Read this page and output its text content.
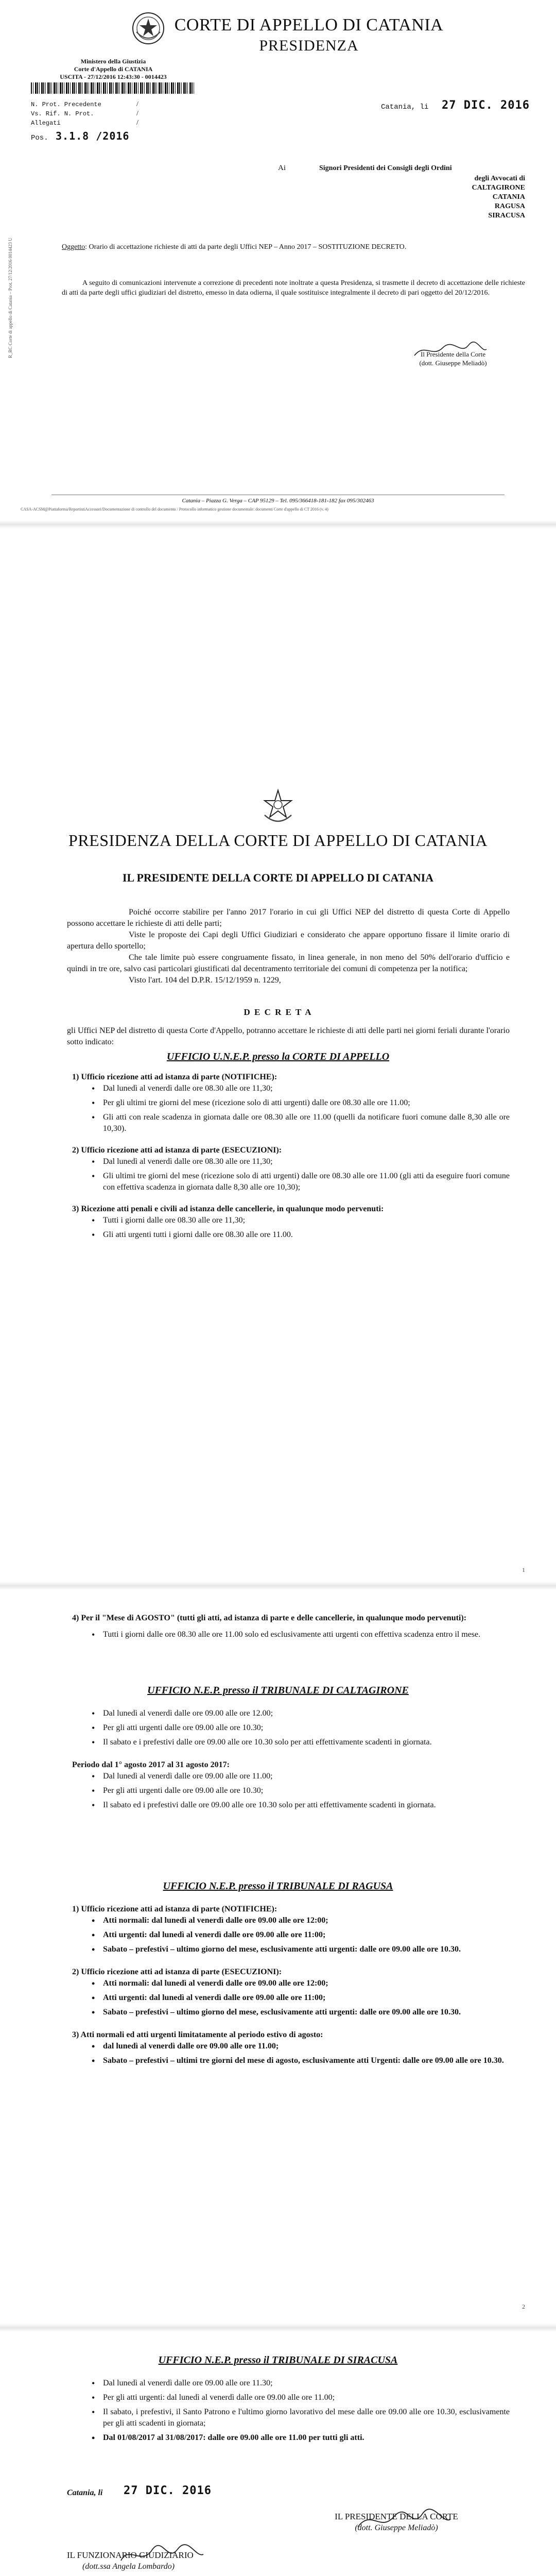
CORTE DI APPELLO DI CATANIA
PRESIDENZA
Ministero della Giustizia
Corte d'Appello di CATANIA
USCITA - 27/12/2016 12:43:30 - 0014423
N. Prot. Precedente
Vs. Rif. N. Prot.
Allegati
/
/
/
Pos. 3.1.8 /2016
Catania, li 27 DIC. 2016
Ai	Signori Presidenti dei Consigli degli Ordini
degli Avvocati di
CALTAGIRONE
CATANIA
RAGUSA
SIRACUSA
Oggetto: Orario di accettazione richieste di atti da parte degli Uffici NEP – Anno 2017 – SOSTITUZIONE DECRETO.
A seguito di comunicazioni intervenute a correzione di precedenti note inoltrate a questa Presidenza, si trasmette il decreto di accettazione delle richieste di atti da parte degli uffici giudiziari del distretto, emesso in data odierna, il quale sostituisce integralmente il decreto di pari oggetto del 20/12/2016.
Il Presidente della Corte
(dott. Giuseppe Meliadò)
R_RC Corte di appello di Catania – Prot. 27/12/2016 0014423 U
Catania – Piazza G. Verga – CAP 95129 – Tel. 095/366418-181-182 fax 095/302463
CASA-ACSM@Piattaforma/ReportistiAccessori/Documentazione di controllo del documento / Protocollo informatico gestione documentale: documenti Corte d'appello di CT 2016 (v. 4)
PRESIDENZA DELLA CORTE DI APPELLO DI CATANIA
IL PRESIDENTE DELLA CORTE DI APPELLO DI CATANIA

Poiché occorre stabilire per l'anno 2017 l'orario in cui gli Uffici NEP del distretto di questa Corte di Appello possono accettare le richieste di atti delle parti;

Viste le proposte dei Capi degli Uffici Giudiziari e considerato che appare opportuno fissare il limite orario di apertura dello sportello;

Che tale limite può essere congruamente fissato, in linea generale, in non meno del 50% dell'orario d'ufficio e quindi in tre ore, salvo casi particolari giustificati dal decentramento territoriale dei comuni di competenza per la notifica;

Visto l'art. 104 del D.P.R. 15/12/1959 n. 1229,

D E C R E T A
gli Uffici NEP del distretto di questa Corte d'Appello, potranno accettare le richieste di atti delle parti nei giorni feriali durante l'orario sotto indicato:
UFFICIO U.N.E.P. presso la CORTE DI APPELLO
1) Ufficio ricezione atti ad istanza di parte (NOTIFICHE):
• Dal lunedì al venerdì dalle ore 08.30 alle ore 11,30;
• Per gli ultimi tre giorni del mese (ricezione solo di atti urgenti) dalle ore 08.30 alle ore 11.00;
• Gli atti con reale scadenza in giornata dalle ore 08.30 alle ore 11.00 (quelli da notificare fuori comune dalle 8,30 alle ore 10,30).
2) Ufficio ricezione atti ad istanza di parte (ESECUZIONI):
• Dal lunedì al venerdì dalle ore 08.30 alle ore 11,30;
• Gli ultimi tre giorni del mese (ricezione solo di atti urgenti) dalle ore 08.30 alle ore 11.00 (gli atti da eseguire fuori comune con effettiva scadenza in giornata dalle 8,30 alle ore 10,30);
3) Ricezione atti penali e civili ad istanza delle cancellerie, in qualunque modo pervenuti:
• Tutti i giorni dalle ore 08.30 alle ore 11,30;
• Gli atti urgenti tutti i giorni dalle ore 08.30 alle ore 11.00.
1
4) Per il "Mese di AGOSTO" (tutti gli atti, ad istanza di parte e delle cancellerie, in qualunque modo pervenuti):
• Tutti i giorni dalle ore 08.30 alle ore 11.00 solo ed esclusivamente atti urgenti con effettiva scadenza entro il mese.
UFFICIO N.E.P. presso il TRIBUNALE DI CALTAGIRONE
• Dal lunedì al venerdì dalle ore 09.00 alle ore 12.00;
• Per gli atti urgenti dalle ore 09.00 alle ore 10.30;
• Il sabato e i prefestivi dalle ore 09.00 alle ore 10.30 solo per atti effettivamente scadenti in giornata.
Periodo dal 1° agosto 2017 al 31 agosto 2017:
• Dal lunedì al venerdì dalle ore 09.00 alle ore 11.00;
• Per gli atti urgenti dalle ore 09.00 alle ore 10.30;
• Il sabato ed i prefestivi dalle ore 09.00 alle ore 10.30 solo per atti effettivamente scadenti in giornata.
UFFICIO N.E.P. presso il TRIBUNALE DI RAGUSA
1) Ufficio ricezione atti ad istanza di parte (NOTIFICHE):
• Atti normali: dal lunedì al venerdì dalle ore 09.00 alle ore 12:00;
• Atti urgenti: dal lunedì al venerdì dalle ore 09.00 alle ore 11:00;
• Sabato – prefestivi – ultimo giorno del mese, esclusivamente atti urgenti: dalle ore 09.00 alle ore 10.30.
2) Ufficio ricezione atti ad istanza di parte (ESECUZIONI):
• Atti normali: dal lunedì al venerdì dalle ore 09.00 alle ore 12:00;
• Atti urgenti: dal lunedì al venerdì dalle ore 09.00 alle ore 11:00;
• Sabato – prefestivi – ultimo giorno del mese, esclusivamente atti urgenti: dalle ore 09.00 alle ore 10.30.
3) Atti normali ed atti urgenti limitatamente al periodo estivo di agosto:
• dal lunedì al venerdì dalle ore 09.00 alle ore 11.00;
• Sabato – prefestivi – ultimi tre giorni del mese di agosto, esclusivamente atti Urgenti: dalle ore 09.00 alle ore 10.30.
2
UFFICIO N.E.P. presso il TRIBUNALE DI SIRACUSA
• Dal lunedì al venerdì dalle ore 09.00 alle ore 11.30;
• Per gli atti urgenti: dal lunedì al venerdì dalle ore 09.00 alle ore 11.00;
• Il sabato, i prefestivi, il Santo Patrono e l'ultimo giorno lavorativo del mese dalle ore 09.00 alle ore 10.30, esclusivamente per gli atti scadenti in giornata;
• Dal 01/08/2017 al 31/08/2017: dalle ore 09.00 alle ore 11.00 per tutti gli atti.
Catania, li 27 DIC. 2016
IL PRESIDENTE DELLA CORTE
(dott. Giuseppe Meliadò)
IL FUNZIONARIO GIUDIZIARIO
(dott.ssa Angela Lombardo)
